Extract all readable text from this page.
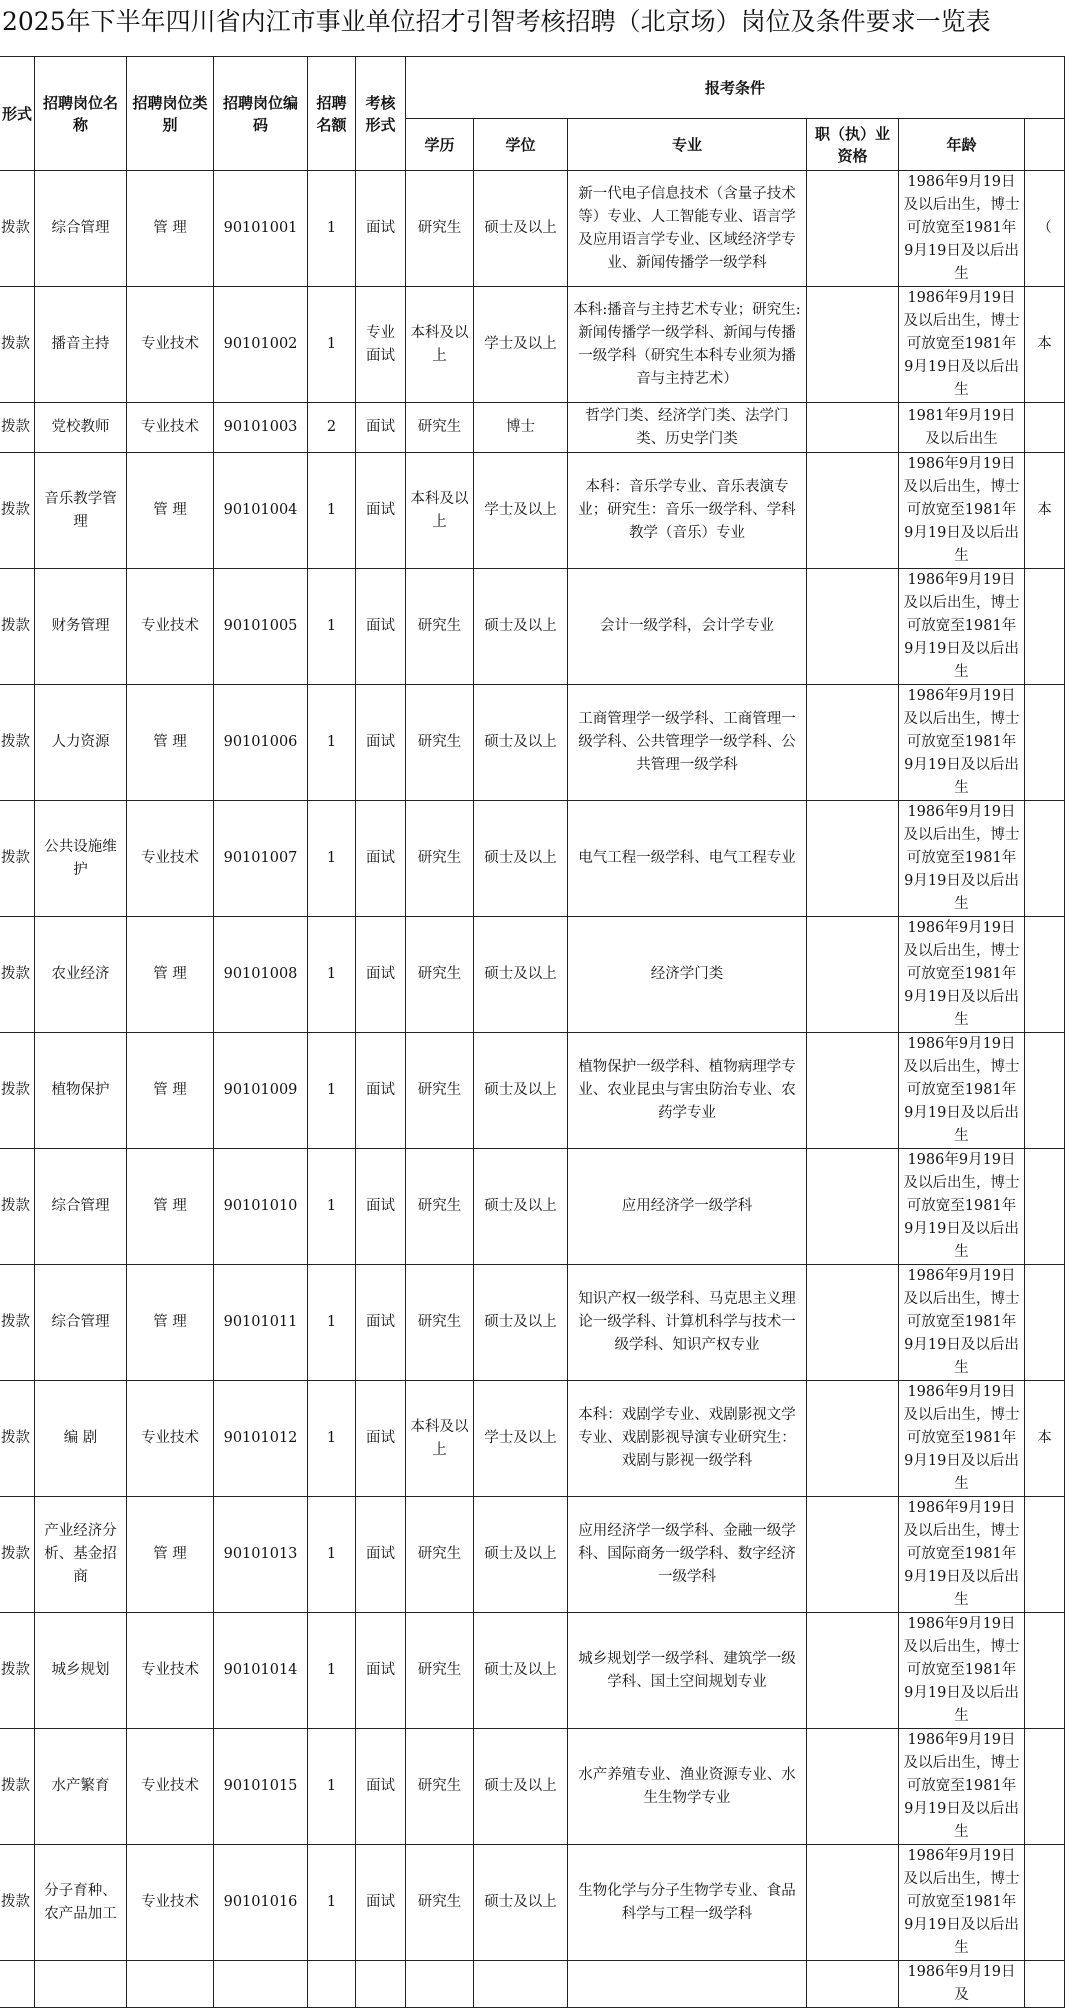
2025年下半年四川省内江市事业单位招才引智考核招聘（北京场）岗位及条件要求一览表
形式	招聘岗位名称	招聘岗位类别	招聘岗位编码	招聘名额	考核形式	报考条件					
						学历	学位	专业	职（执）业资格	年龄	
拨款	综合管理	管 理	90101001	1	面试	研究生	硕士及以上	新一代电子信息技术（含量子技术等）专业、人工智能专业、语言学及应用语言学专业、区域经济学专业、新闻传播学一级学科		1986年9月19日及以后出生，博士可放宽至1981年9月19日及以后出生	（
拨款	播音主持	专业技术	90101002	1	专业面试	本科及以上	学士及以上	本科:播音与主持艺术专业；研究生:新闻传播学一级学科、新闻与传播一级学科（研究生本科专业须为播音与主持艺术）		1986年9月19日及以后出生，博士可放宽至1981年9月19日及以后出生	本
拨款	党校教师	专业技术	90101003	2	面试	研究生	博士	哲学门类、经济学门类、法学门类、历史学门类		1981年9月19日及以后出生	
拨款	音乐教学管 理	管 理	90101004	1	面试	本科及以上	学士及以上	本科：音乐学专业、音乐表演专业；研究生：音乐一级学科、学科教学（音乐）专业		1986年9月19日及以后出生，博士可放宽至1981年9月19日及以后出生	本
拨款	财务管理	专业技术	90101005	1	面试	研究生	硕士及以上	会计一级学科，会计学专业		1986年9月19日及以后出生，博士可放宽至1981年9月19日及以后出生	
拨款	人力资源	管 理	90101006	1	面试	研究生	硕士及以上	工商管理学一级学科、工商管理一级学科、公共管理学一级学科、公共管理一级学科		1986年9月19日及以后出生，博士可放宽至1981年9月19日及以后出生	
拨款	公共设施维 护	专业技术	90101007	1	面试	研究生	硕士及以上	电气工程一级学科、电气工程专业		1986年9月19日及以后出生，博士可放宽至1981年9月19日及以后出生	
拨款	农业经济	管 理	90101008	1	面试	研究生	硕士及以上	经济学门类		1986年9月19日及以后出生，博士可放宽至1981年9月19日及以后出生	
拨款	植物保护	管 理	90101009	1	面试	研究生	硕士及以上	植物保护一级学科、植物病理学专业、农业昆虫与害虫防治专业、农药学专业		1986年9月19日及以后出生，博士可放宽至1981年9月19日及以后出生	
拨款	综合管理	管 理	90101010	1	面试	研究生	硕士及以上	应用经济学一级学科		1986年9月19日及以后出生，博士可放宽至1981年9月19日及以后出生	
拨款	综合管理	管 理	90101011	1	面试	研究生	硕士及以上	知识产权一级学科、马克思主义理论一级学科、计算机科学与技术一级学科、知识产权专业		1986年9月19日及以后出生，博士可放宽至1981年9月19日及以后出生	
拨款	编 剧	专业技术	90101012	1	面试	本科及以上	学士及以上	本科：戏剧学专业、戏剧影视文学专业、戏剧影视导演专业研究生：戏剧与影视一级学科		1986年9月19日及以后出生，博士可放宽至1981年9月19日及以后出生	本
拨款	产业经济分析、基金招商	管 理	90101013	1	面试	研究生	硕士及以上	应用经济学一级学科、金融一级学科、国际商务一级学科、数字经济一级学科		1986年9月19日及以后出生，博士可放宽至1981年9月19日及以后出生	
拨款	城乡规划	专业技术	90101014	1	面试	研究生	硕士及以上	城乡规划学一级学科、建筑学一级学科、国土空间规划专业		1986年9月19日及以后出生，博士可放宽至1981年9月19日及以后出生	
拨款	水产繁育	专业技术	90101015	1	面试	研究生	硕士及以上	水产养殖专业、渔业资源专业、水生生物学专业		1986年9月19日及以后出生，博士可放宽至1981年9月19日及以后出生	
拨款	分子育种、农产品加工	专业技术	90101016	1	面试	研究生	硕士及以上	生物化学与分子生物学专业、食品科学与工程一级学科		1986年9月19日及以后出生，博士可放宽至1981年9月19日及以后出生	
										1986年9月19日及	
